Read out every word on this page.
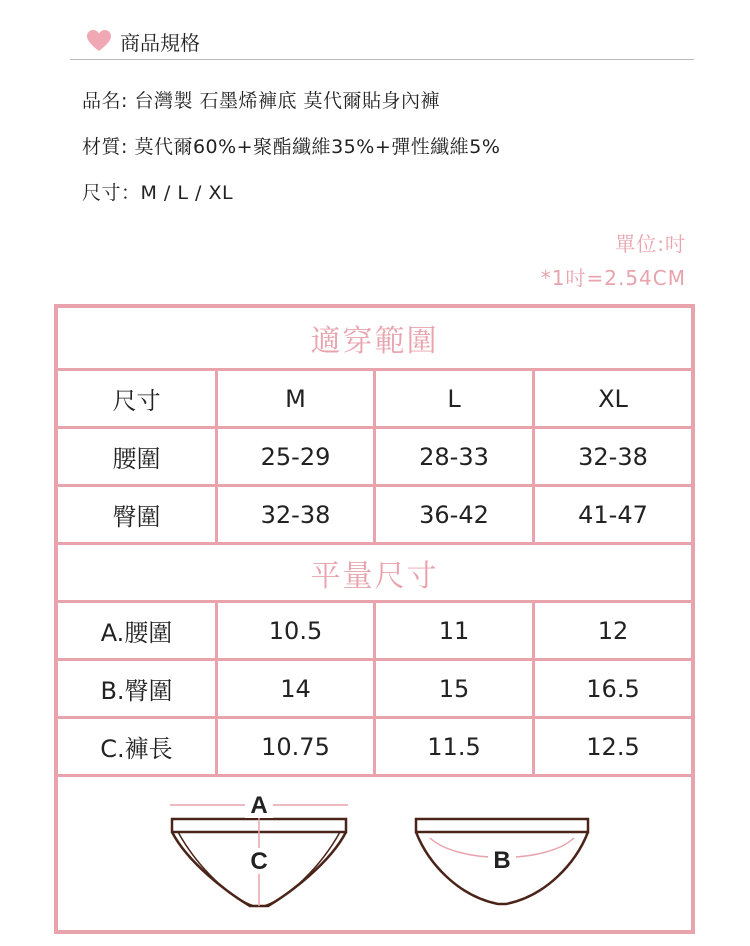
商品規格
品名: 台灣製 石墨烯褲底 莫代爾貼身內褲
材質: 莫代爾60%+聚酯纖維35%+彈性纖維5%
尺寸：M / L / XL
單位:吋
*1吋=2.54CM
適穿範圍
尺寸	M	L	XL
腰圍	25-29	28-33	32-38
臀圍	32-38	36-42	41-47
平量尺寸
A.腰圍	10.5	11	12
B.臀圍	14	15	16.5
C.褲長	10.75	11.5	12.5
A
C	B
